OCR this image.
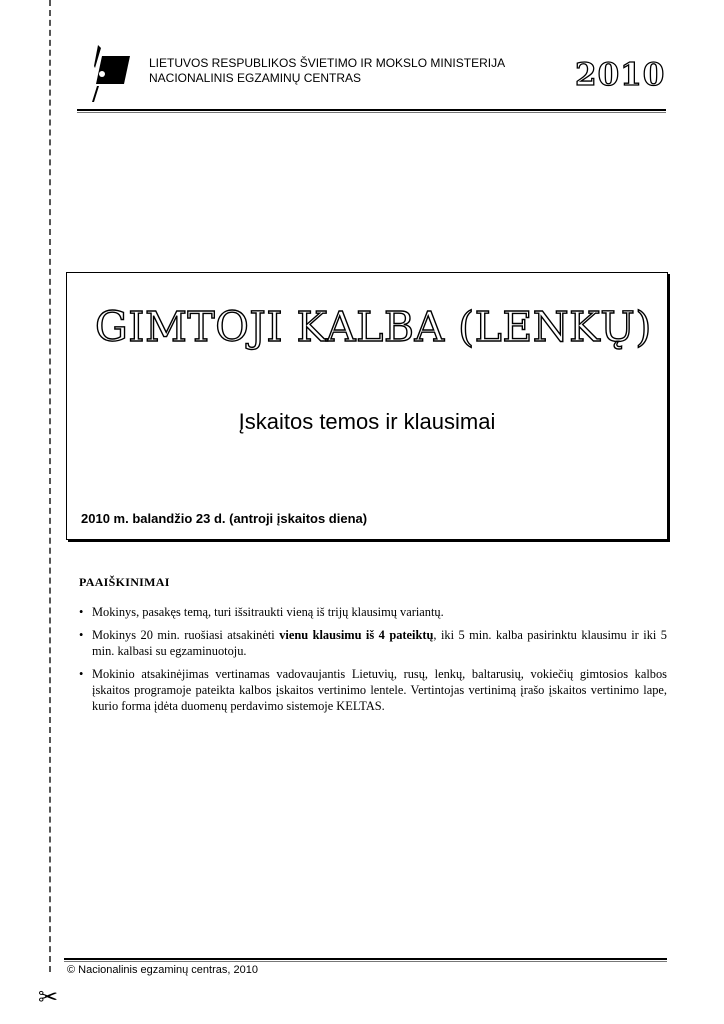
✂
LIETUVOS RESPUBLIKOS ŠVIETIMO IR MOKSLO MINISTERIJA
NACIONALINIS EGZAMINŲ CENTRAS	2010
GIMTOJI KALBA (LENKŲ)
Įskaitos temos ir klausimai
2010 m. balandžio 23 d. (antroji įskaitos diena)
PAAIŠKINIMAI
• Mokinys, pasakęs temą, turi išsitraukti vieną iš trijų klausimų variantų.
• Mokinys 20 min. ruošiasi atsakinėti vienu klausimu iš 4 pateiktų, iki 5 min. kalba pasirinktu klausimu ir iki 5 min. kalbasi su egzaminuotoju.
• Mokinio atsakinėjimas vertinamas vadovaujantis Lietuvių, rusų, lenkų, baltarusių, vokiečių gimtosios kalbos įskaitos programoje pateikta kalbos įskaitos vertinimo lentele. Vertintojas vertinimą įrašo įskaitos vertinimo lape, kurio forma įdėta duomenų perdavimo sistemoje KELTAS.
© Nacionalinis egzaminų centras, 2010
